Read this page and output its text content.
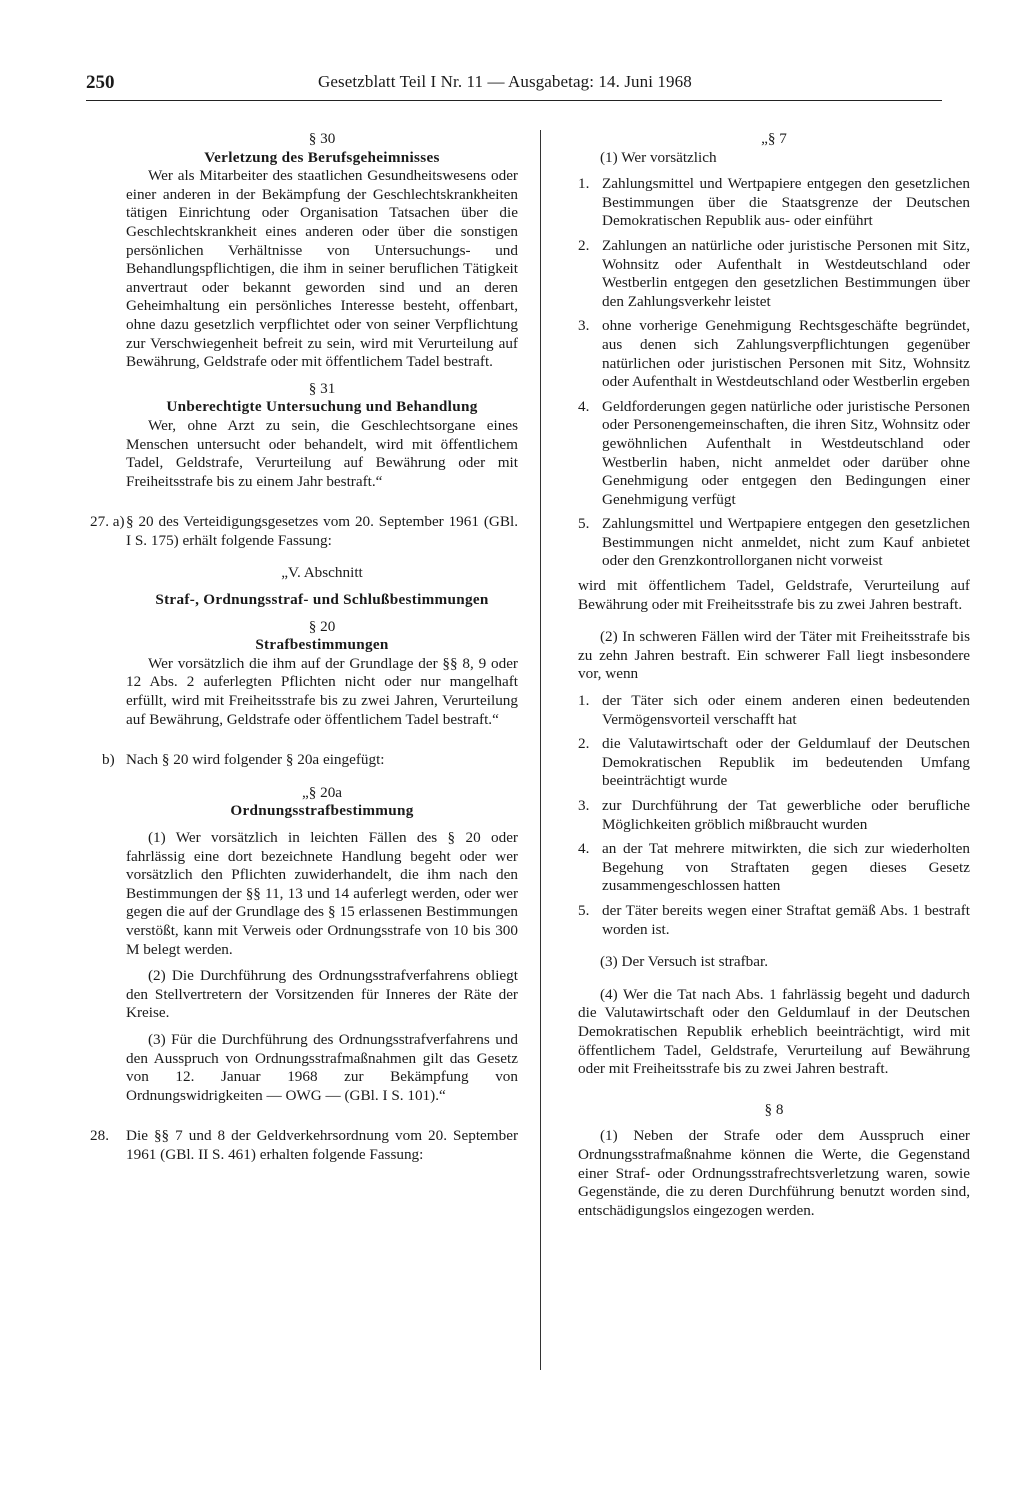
250	Gesetzblatt Teil I Nr. 11 — Ausgabetag: 14. Juni 1968
§ 30
Verletzung des Berufsgeheimnisses
Wer als Mitarbeiter des staatlichen Gesundheitswesens oder einer anderen in der Bekämpfung der Geschlechtskrankheiten tätigen Einrichtung oder Organisation Tatsachen über die Geschlechtskrankheit eines anderen oder über die sonstigen persönlichen Verhältnisse von Untersuchungs- und Behandlungspflichtigen, die ihm in seiner beruflichen Tätigkeit anvertraut oder bekannt geworden sind und an deren Geheimhaltung ein persönliches Interesse besteht, offenbart, ohne dazu gesetzlich verpflichtet oder von seiner Verpflichtung zur Verschwiegenheit befreit zu sein, wird mit Verurteilung auf Bewährung, Geldstrafe oder mit öffentlichem Tadel bestraft.
§ 31
Unberechtigte Untersuchung und Behandlung
Wer, ohne Arzt zu sein, die Geschlechtsorgane eines Menschen untersucht oder behandelt, wird mit öffentlichem Tadel, Geldstrafe, Verurteilung auf Bewährung oder mit Freiheitsstrafe bis zu einem Jahr bestraft.“
27. a) § 20 des Verteidigungsgesetzes vom 20. September 1961 (GBl. I S. 175) erhält folgende Fassung:
„V. Abschnitt
Straf-, Ordnungsstraf- und Schlußbestimmungen
§ 20
Strafbestimmungen
Wer vorsätzlich die ihm auf der Grundlage der §§ 8, 9 oder 12 Abs. 2 auferlegten Pflichten nicht oder nur mangelhaft erfüllt, wird mit Freiheitsstrafe bis zu zwei Jahren, Verurteilung auf Bewährung, Geldstrafe oder öffentlichem Tadel bestraft.“
b) Nach § 20 wird folgender § 20a eingefügt:
„§ 20a
Ordnungsstrafbestimmung
(1) Wer vorsätzlich in leichten Fällen des § 20 oder fahrlässig eine dort bezeichnete Handlung begeht oder wer vorsätzlich den Pflichten zuwiderhandelt, die ihm nach den Bestimmungen der §§ 11, 13 und 14 auferlegt werden, oder wer gegen die auf der Grundlage des § 15 erlassenen Bestimmungen verstößt, kann mit Verweis oder Ordnungsstrafe von 10 bis 300 M belegt werden.
(2) Die Durchführung des Ordnungsstrafverfahrens obliegt den Stellvertretern der Vorsitzenden für Inneres der Räte der Kreise.
(3) Für die Durchführung des Ordnungsstrafverfahrens und den Ausspruch von Ordnungsstrafmaßnahmen gilt das Gesetz von 12. Januar 1968 zur Bekämpfung von Ordnungswidrigkeiten — OWG — (GBl. I S. 101).“
28. Die §§ 7 und 8 der Geldverkehrsordnung vom 20. September 1961 (GBl. II S. 461) erhalten folgende Fassung:
„§ 7
(1) Wer vorsätzlich
1. Zahlungsmittel und Wertpapiere entgegen den gesetzlichen Bestimmungen über die Staatsgrenze der Deutschen Demokratischen Republik aus- oder einführt
2. Zahlungen an natürliche oder juristische Personen mit Sitz, Wohnsitz oder Aufenthalt in Westdeutschland oder Westberlin entgegen den gesetzlichen Bestimmungen über den Zahlungsverkehr leistet
3. ohne vorherige Genehmigung Rechtsgeschäfte begründet, aus denen sich Zahlungsverpflichtungen gegenüber natürlichen oder juristischen Personen mit Sitz, Wohnsitz oder Aufenthalt in Westdeutschland oder Westberlin ergeben
4. Geldforderungen gegen natürliche oder juristische Personen oder Personengemeinschaften, die ihren Sitz, Wohnsitz oder gewöhnlichen Aufenthalt in Westdeutschland oder Westberlin haben, nicht anmeldet oder darüber ohne Genehmigung oder entgegen den Bedingungen einer Genehmigung verfügt
5. Zahlungsmittel und Wertpapiere entgegen den gesetzlichen Bestimmungen nicht anmeldet, nicht zum Kauf anbietet oder den Grenzkontrollorganen nicht vorweist
wird mit öffentlichem Tadel, Geldstrafe, Verurteilung auf Bewährung oder mit Freiheitsstrafe bis zu zwei Jahren bestraft.
(2) In schweren Fällen wird der Täter mit Freiheitsstrafe bis zu zehn Jahren bestraft. Ein schwerer Fall liegt insbesondere vor, wenn
1. der Täter sich oder einem anderen einen bedeutenden Vermögensvorteil verschafft hat
2. die Valutawirtschaft oder der Geldumlauf der Deutschen Demokratischen Republik im bedeutenden Umfang beeinträchtigt wurde
3. zur Durchführung der Tat gewerbliche oder berufliche Möglichkeiten gröblich mißbraucht wurden
4. an der Tat mehrere mitwirkten, die sich zur wiederholten Begehung von Straftaten gegen dieses Gesetz zusammengeschlossen hatten
5. der Täter bereits wegen einer Straftat gemäß Abs. 1 bestraft worden ist.
(3) Der Versuch ist strafbar.
(4) Wer die Tat nach Abs. 1 fahrlässig begeht und dadurch die Valutawirtschaft oder den Geldumlauf in der Deutschen Demokratischen Republik erheblich beeinträchtigt, wird mit öffentlichem Tadel, Geldstrafe, Verurteilung auf Bewährung oder mit Freiheitsstrafe bis zu zwei Jahren bestraft.
§ 8
(1) Neben der Strafe oder dem Ausspruch einer Ordnungsstrafmaßnahme können die Werte, die Gegenstand einer Straf- oder Ordnungsstrafrechtsverletzung waren, sowie Gegenstände, die zu deren Durchführung benutzt worden sind, entschädigungslos eingezogen werden.
